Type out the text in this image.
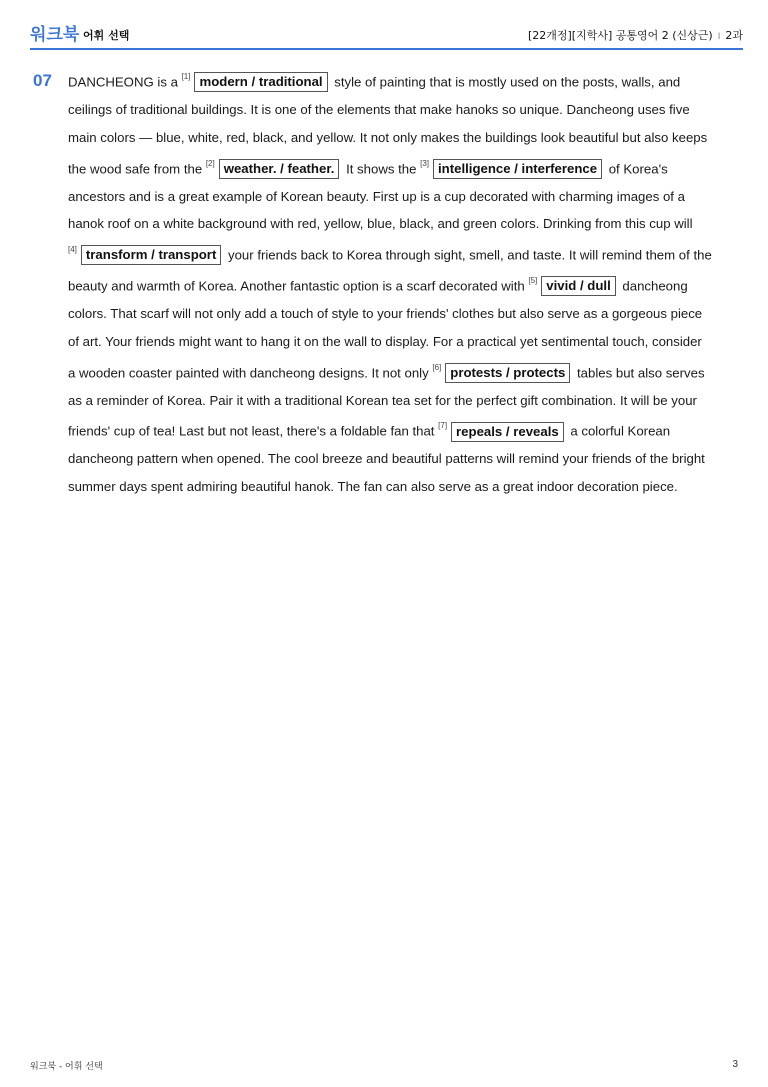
워크북 어휘 선택	[22개정][지학사] 공통영어 2 (신상근) I 2과
07 DANCHEONG is a [1] modern / traditional style of painting that is mostly used on the posts, walls, and
ceilings of traditional buildings. It is one of the elements that make hanoks so unique. Dancheong uses five
main colors — blue, white, red, black, and yellow. It not only makes the buildings look beautiful but also keeps
the wood safe from the [2] weather. / feather. It shows the [3] intelligence / interference of Korea's
ancestors and is a great example of Korean beauty. First up is a cup decorated with charming images of a
hanok roof on a white background with red, yellow, blue, black, and green colors. Drinking from this cup will
[4] transform / transport your friends back to Korea through sight, smell, and taste. It will remind them of the
beauty and warmth of Korea. Another fantastic option is a scarf decorated with [5] vivid / dull dancheong
colors. That scarf will not only add a touch of style to your friends' clothes but also serve as a gorgeous piece
of art. Your friends might want to hang it on the wall to display. For a practical yet sentimental touch, consider
a wooden coaster painted with dancheong designs. It not only [6] protests / protects tables but also serves
as a reminder of Korea. Pair it with a traditional Korean tea set for the perfect gift combination. It will be your
friends' cup of tea! Last but not least, there's a foldable fan that [7] repeals / reveals a colorful Korean
dancheong pattern when opened. The cool breeze and beautiful patterns will remind your friends of the bright
summer days spent admiring beautiful hanok. The fan can also serve as a great indoor decoration piece.
워크북 - 어휘 선택	3
